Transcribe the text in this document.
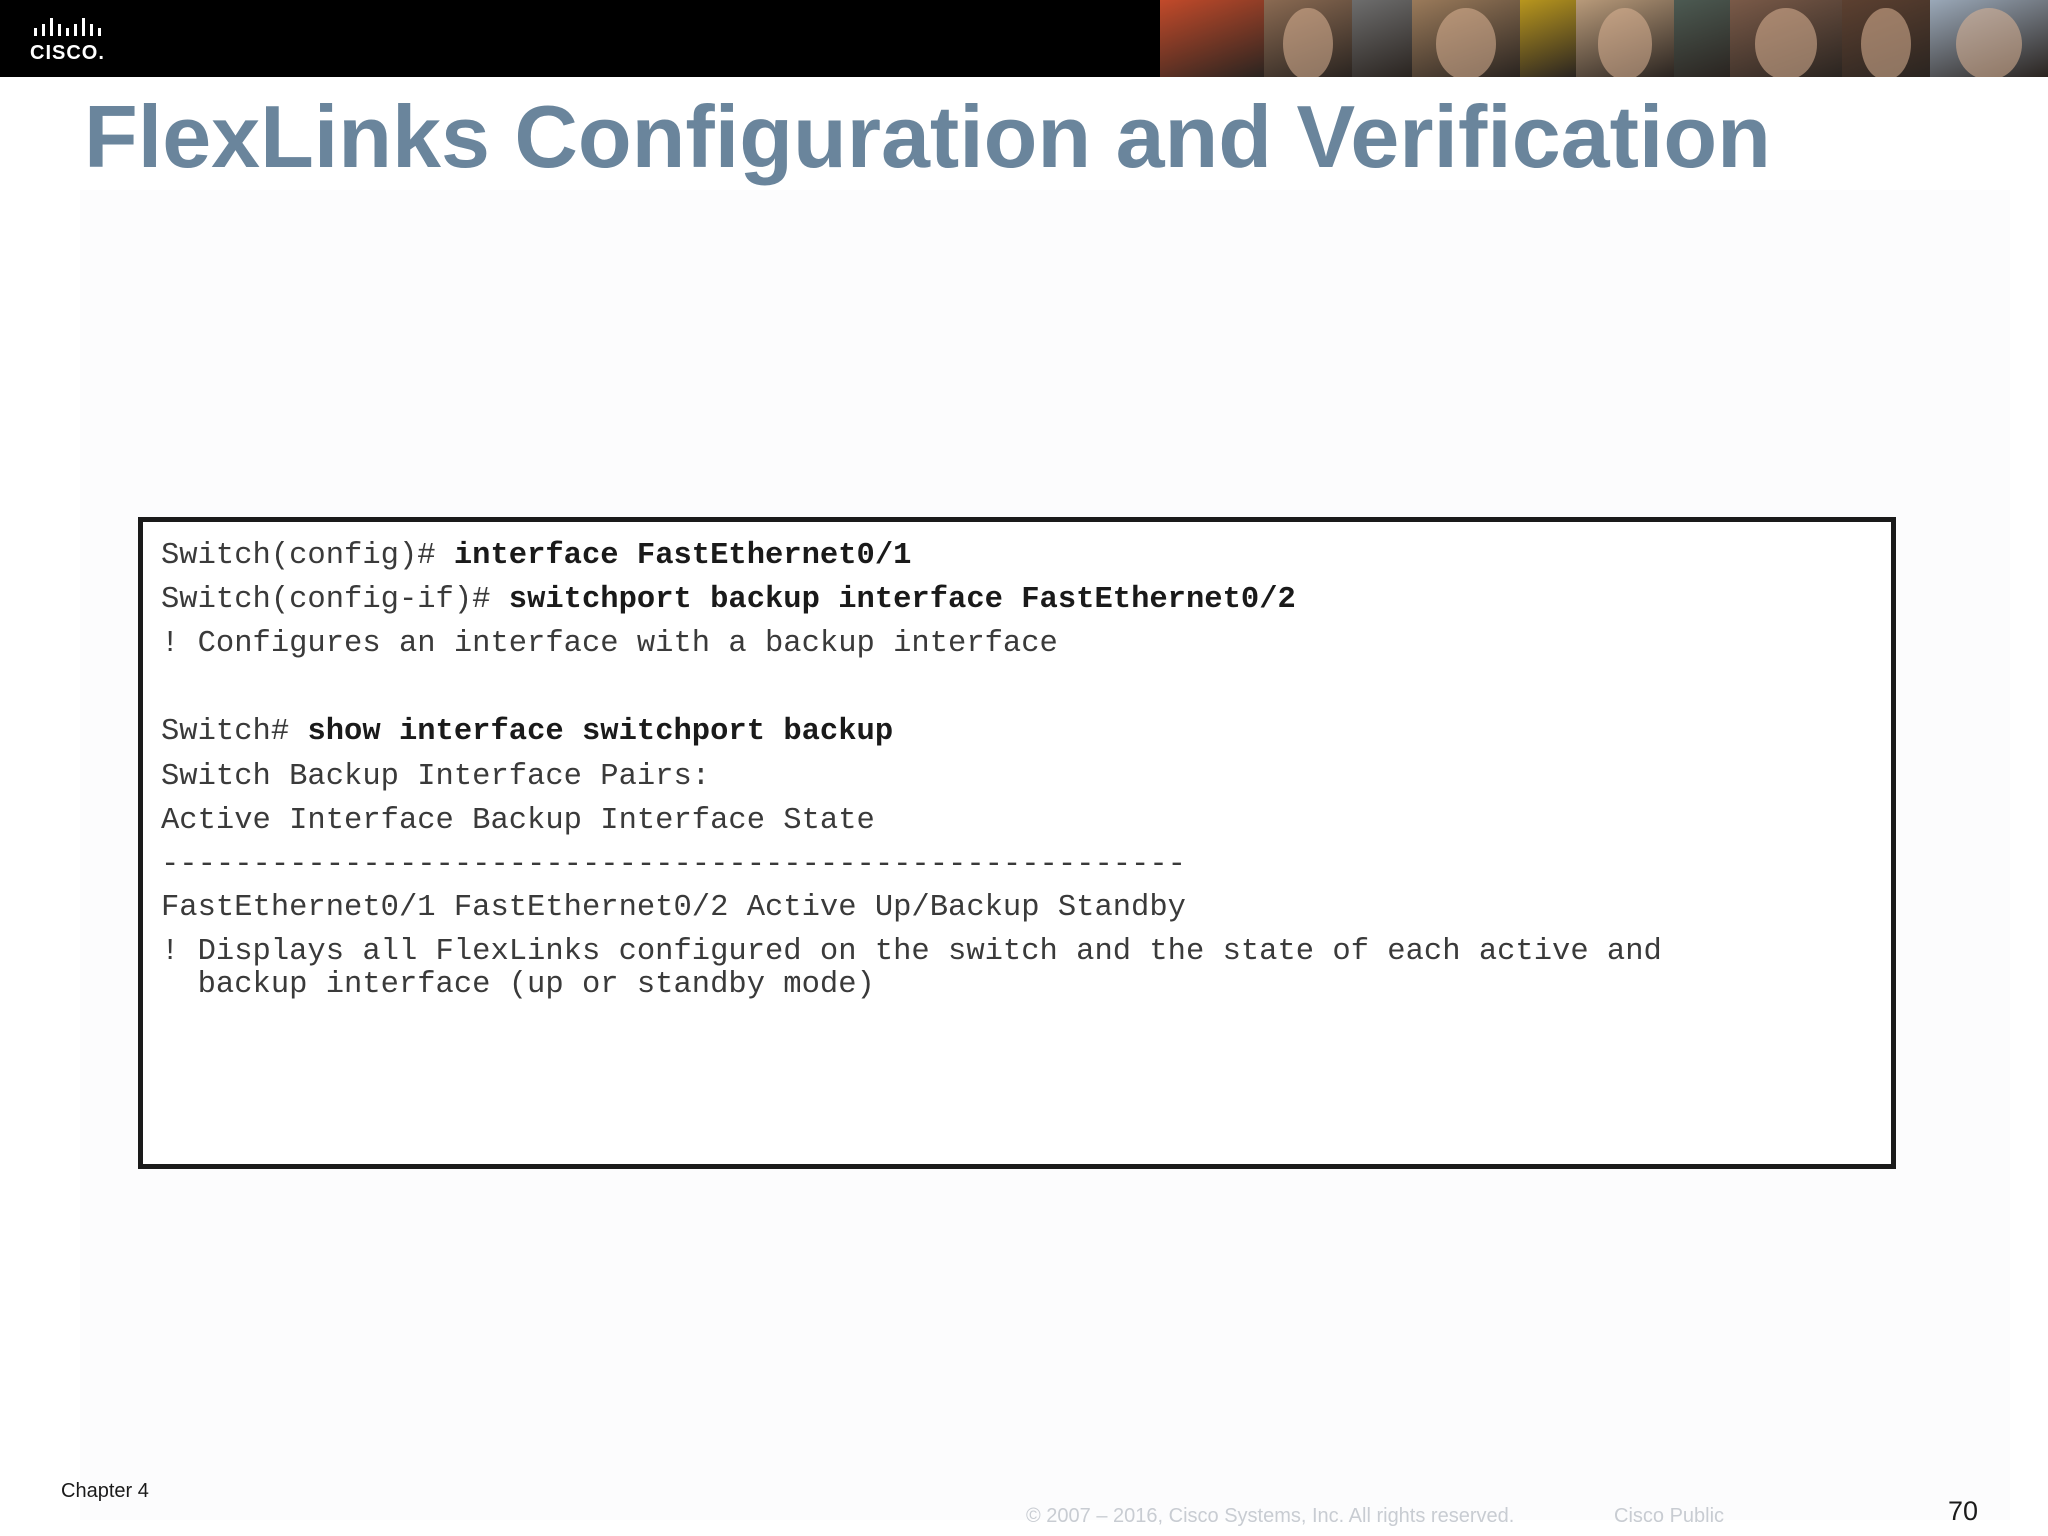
CISCO.
FlexLinks Configuration and Verification
Switch(config)# interface FastEthernet0/1
Switch(config-if)# switchport backup interface FastEthernet0/2
! Configures an interface with a backup interface
Switch# show interface switchport backup
Switch Backup Interface Pairs:
Active Interface Backup Interface State
--------------------------------------------------------
FastEthernet0/1 FastEthernet0/2 Active Up/Backup Standby
! Displays all FlexLinks configured on the switch and the state of each active and
backup interface (up or standby mode)
Chapter 4
© 2007 – 2016, Cisco Systems, Inc. All rights reserved.	Cisco Public	70
